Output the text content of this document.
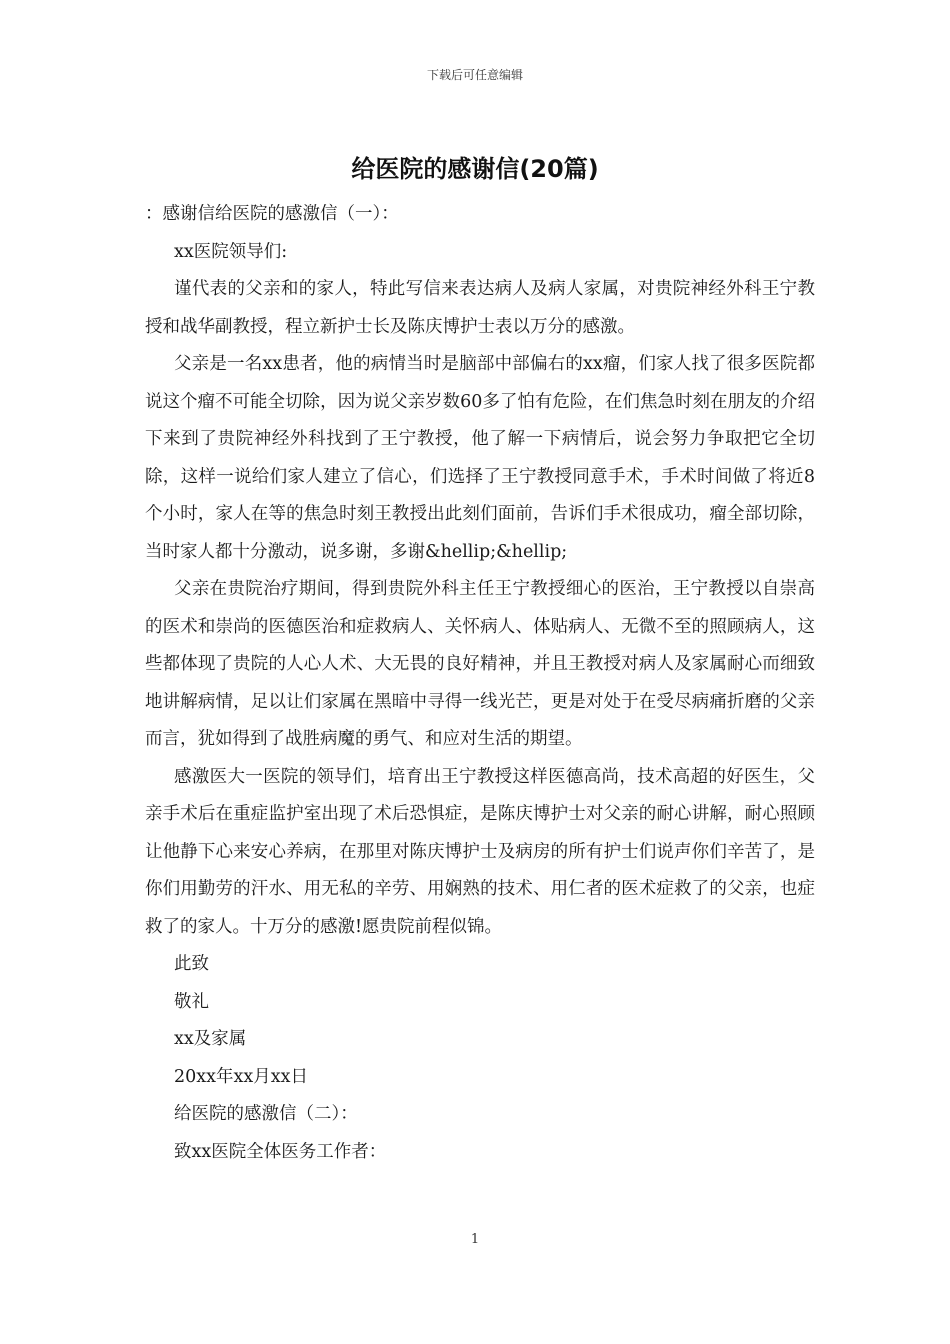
下载后可任意编辑
给医院的感谢信(20篇)

：感谢信给医院的感激信（一）：

xx医院领导们:

谨代表的父亲和的家人，特此写信来表达病人及病人家属，对贵院神经外科王宁教授和战华副教授，程立新护士长及陈庆博护士表以万分的感激。

父亲是一名xx患者，他的病情当时是脑部中部偏右的xx瘤，们家人找了很多医院都说这个瘤不可能全切除，因为说父亲岁数60多了怕有危险，在们焦急时刻在朋友的介绍下来到了贵院神经外科找到了王宁教授，他了解一下病情后，说会努力争取把它全切除，这样一说给们家人建立了信心，们选择了王宁教授同意手术，手术时间做了将近8个小时，家人在等的焦急时刻王教授出此刻们面前，告诉们手术很成功，瘤全部切除，当时家人都十分激动，说多谢，多谢&hellip;&hellip;

父亲在贵院治疗期间，得到贵院外科主任王宁教授细心的医治，王宁教授以自崇高的医术和崇尚的医德医治和症救病人、关怀病人、体贴病人、无微不至的照顾病人，这些都体现了贵院的人心人术、大无畏的良好精神，并且王教授对病人及家属耐心而细致地讲解病情，足以让们家属在黑暗中寻得一线光芒，更是对处于在受尽病痛折磨的父亲而言，犹如得到了战胜病魔的勇气、和应对生活的期望。

感激医大一医院的领导们，培育出王宁教授这样医德高尚，技术高超的好医生，父亲手术后在重症监护室出现了术后恐惧症，是陈庆博护士对父亲的耐心讲解，耐心照顾让他静下心来安心养病，在那里对陈庆博护士及病房的所有护士们说声你们辛苦了，是你们用勤劳的汗水、用无私的辛劳、用娴熟的技术、用仁者的医术症救了的父亲，也症救了的家人。十万分的感激!愿贵院前程似锦。

此致

敬礼

xx及家属

20xx年xx月xx日

给医院的感激信（二）：

致xx医院全体医务工作者：

1
